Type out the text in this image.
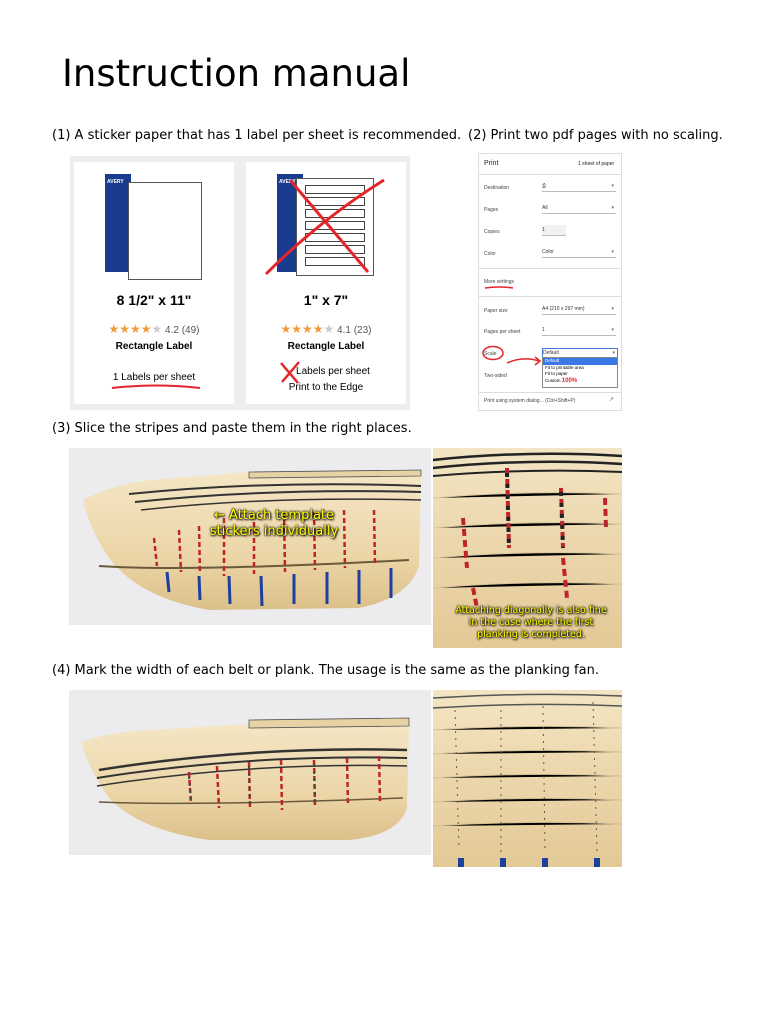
Instruction manual
(1) A sticker paper that has 1 label per sheet is recommended.
AVERY
8 1/2" x 11"
★★★★★ 4.2 (49)
Rectangle Label
1 Labels per sheet
AVERY
1" x 7"
★★★★★ 4.1 (23)
Rectangle Label
Labels per sheet
Print to the Edge
(2) Print two pdf pages with no scaling.
Print	1 sheet of paper
Destination	⎙	▾
Pages	All	▾
Copies	1
Color	Color	▾
More settings
Paper size	A4 (210 x 297 mm)	▾
Pages per sheet	1	▾
Scale	Default	▾
Default
Fit to printable area
Fit to paper
Custom 100%
Two-sided
Print using system dialog... (Ctrl+Shift+P)	↗
(3) Slice the stripes and paste them in the right places.
← Attach template stickers individually
Attaching diagonally is also fine in the case where the first planking is completed.
(4) Mark the width of each belt or plank. The usage is the same as the planking fan.
